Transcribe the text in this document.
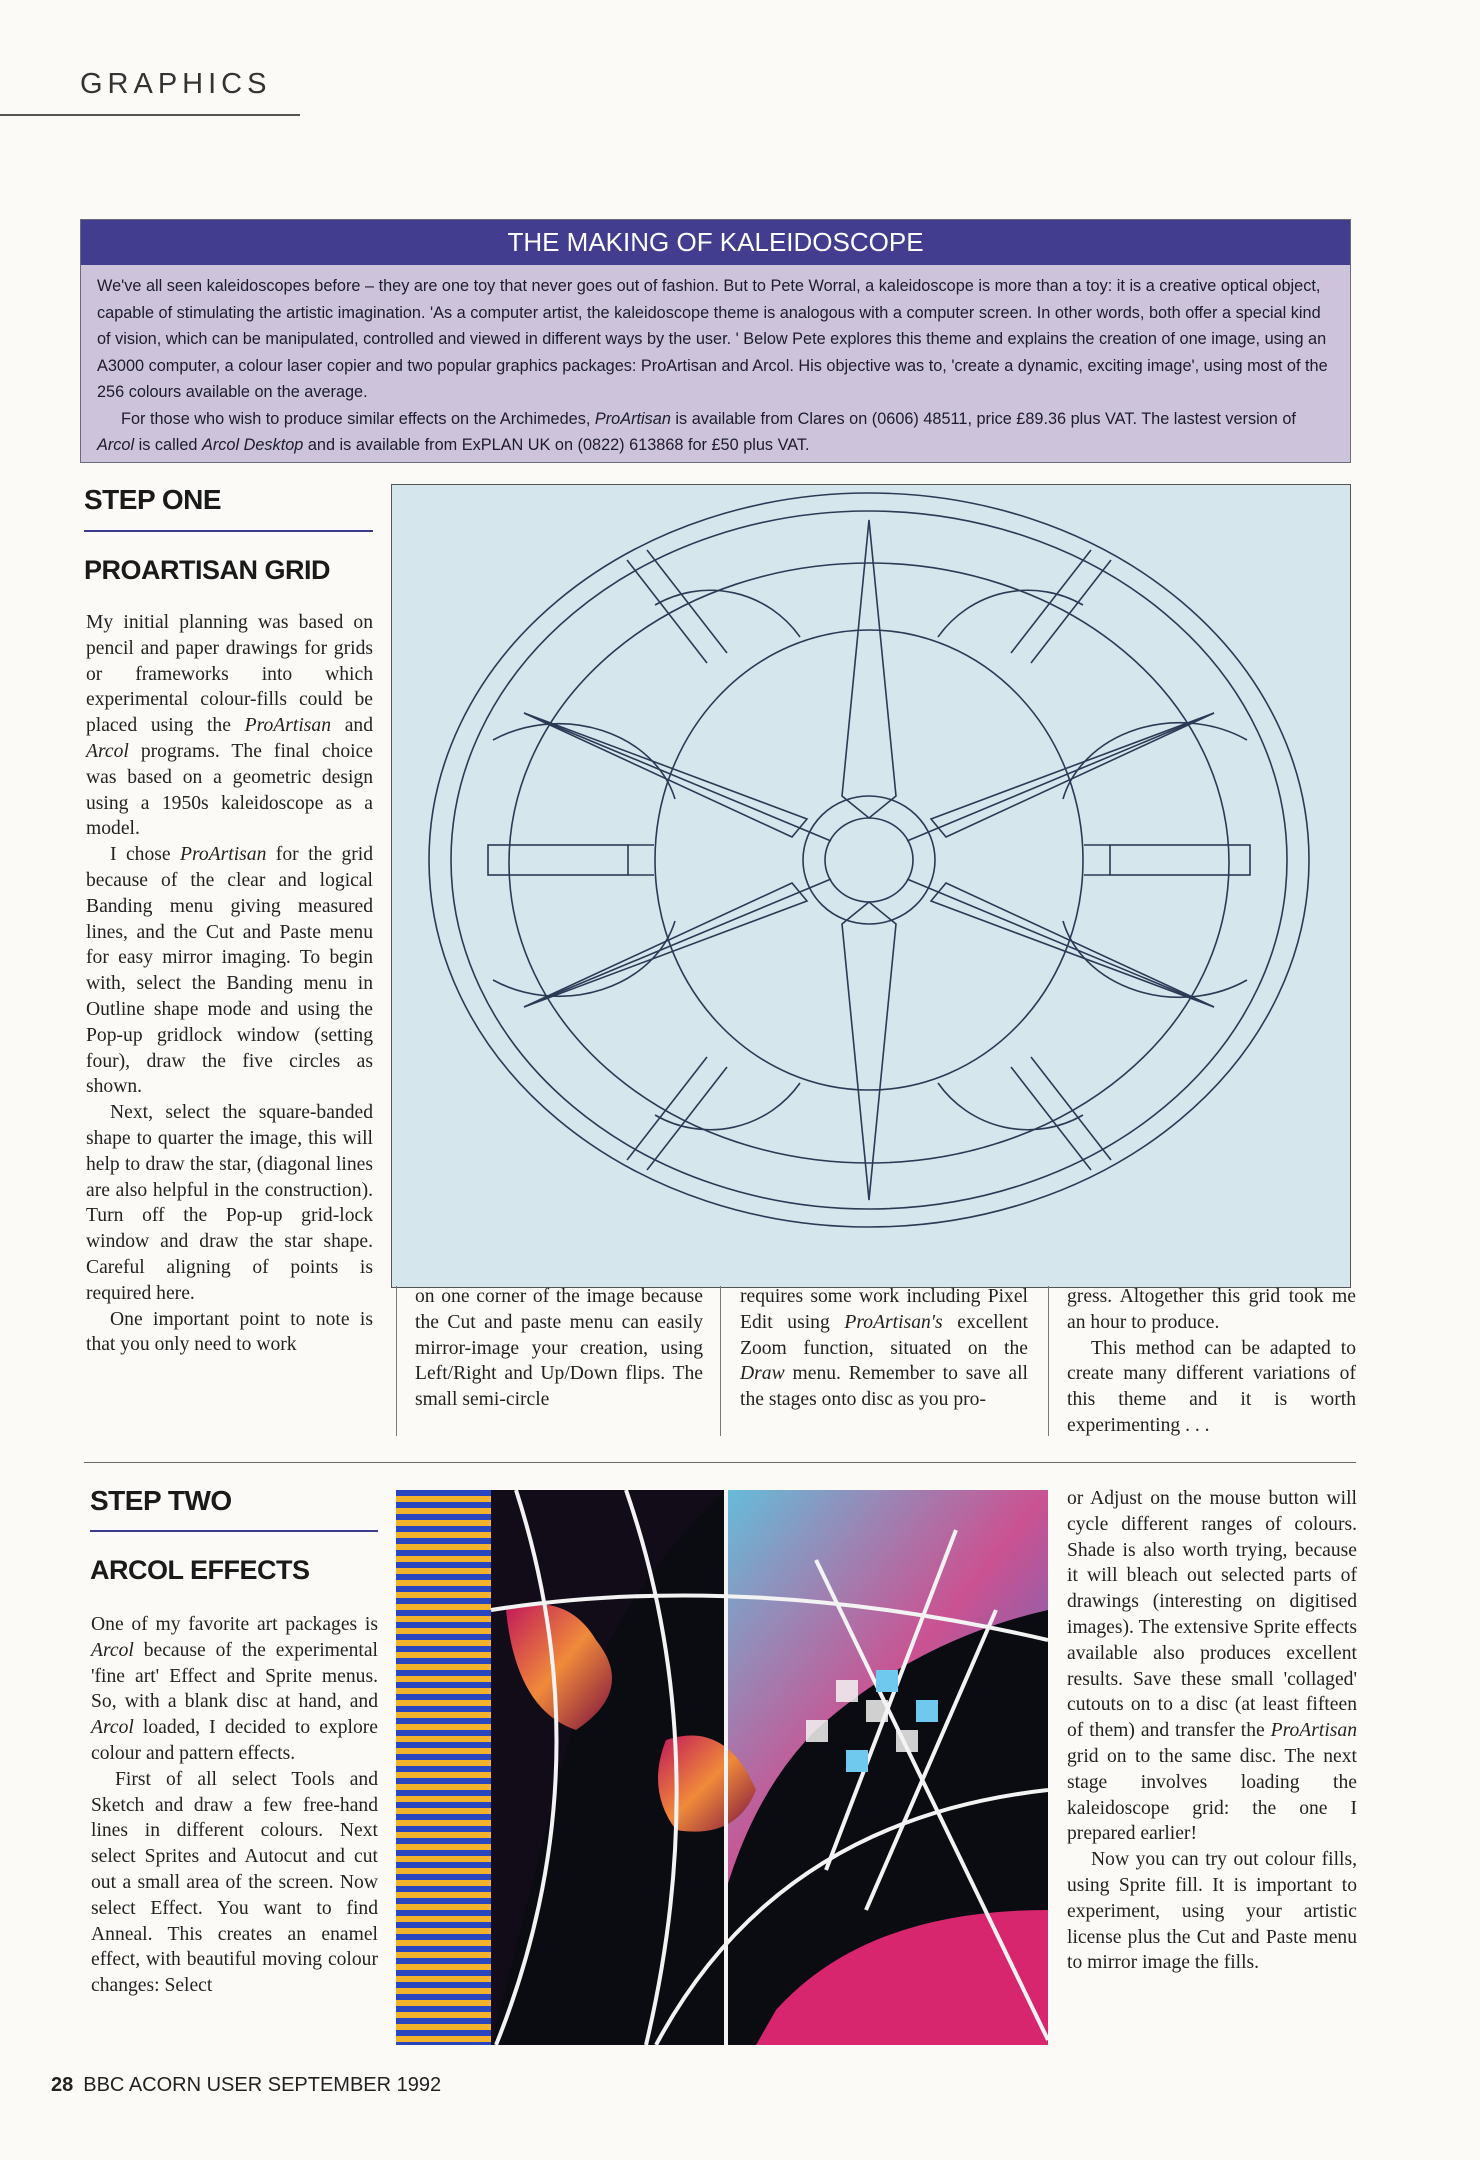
GRAPHICS
THE MAKING OF KALEIDOSCOPE

We've all seen kaleidoscopes before – they are one toy that never goes out of fashion. But to Pete Worral, a kaleidoscope is more than a toy: it is a creative optical object, capable of stimulating the artistic imagination. 'As a computer artist, the kaleidoscope theme is analogous with a computer screen. In other words, both offer a special kind of vision, which can be manipulated, controlled and viewed in different ways by the user. ' Below Pete explores this theme and explains the creation of one image, using an A3000 computer, a colour laser copier and two popular graphics packages: ProArtisan and Arcol. His objective was to, 'create a dynamic, exciting image', using most of the 256 colours available on the average.

For those who wish to produce similar effects on the Archimedes, ProArtisan is available from Clares on (0606) 48511, price £89.36 plus VAT. The lastest version of Arcol is called Arcol Desktop and is available from ExPLAN UK on (0822) 613868 for £50 plus VAT.

STEP ONE
PROARTISAN GRID

My initial planning was based on pencil and paper drawings for grids or frameworks into which experimental colour-fills could be placed using the ProArtisan and Arcol programs. The final choice was based on a geometric design using a 1950s kaleidoscope as a model.

I chose ProArtisan for the grid because of the clear and logical Banding menu giving measured lines, and the Cut and Paste menu for easy mirror imaging. To begin with, select the Banding menu in Outline shape mode and using the Pop-up gridlock window (setting four), draw the five circles as shown.

Next, select the square-banded shape to quarter the image, this will help to draw the star, (diagonal lines are also helpful in the construction). Turn off the Pop-up grid-lock window and draw the star shape. Careful aligning of points is required here.

One important point to note is that you only need to work

on one corner of the image because the Cut and paste menu can easily mirror-image your creation, using Left/Right and Up/Down flips. The small semi-circle

requires some work including Pixel Edit using ProArtisan's excellent Zoom function, situated on the Draw menu. Remember to save all the stages onto disc as you pro-

gress. Altogether this grid took me an hour to produce.

This method can be adapted to create many different variations of this theme and it is worth experimenting . . .

STEP TWO
ARCOL EFFECTS

One of my favorite art packages is Arcol because of the experimental 'fine art' Effect and Sprite menus. So, with a blank disc at hand, and Arcol loaded, I decided to explore colour and pattern effects.

First of all select Tools and Sketch and draw a few free-hand lines in different colours. Next select Sprites and Autocut and cut out a small area of the screen. Now select Effect. You want to find Anneal. This creates an enamel effect, with beautiful moving colour changes: Select

or Adjust on the mouse button will cycle different ranges of colours. Shade is also worth trying, because it will bleach out selected parts of drawings (interesting on digitised images). The extensive Sprite effects available also produces excellent results. Save these small 'collaged' cutouts on to a disc (at least fifteen of them) and transfer the ProArtisan grid on to the same disc. The next stage involves loading the kaleidoscope grid: the one I prepared earlier!

Now you can try out colour fills, using Sprite fill. It is important to experiment, using your artistic license plus the Cut and Paste menu to mirror image the fills.

28 BBC ACORN USER SEPTEMBER 1992
